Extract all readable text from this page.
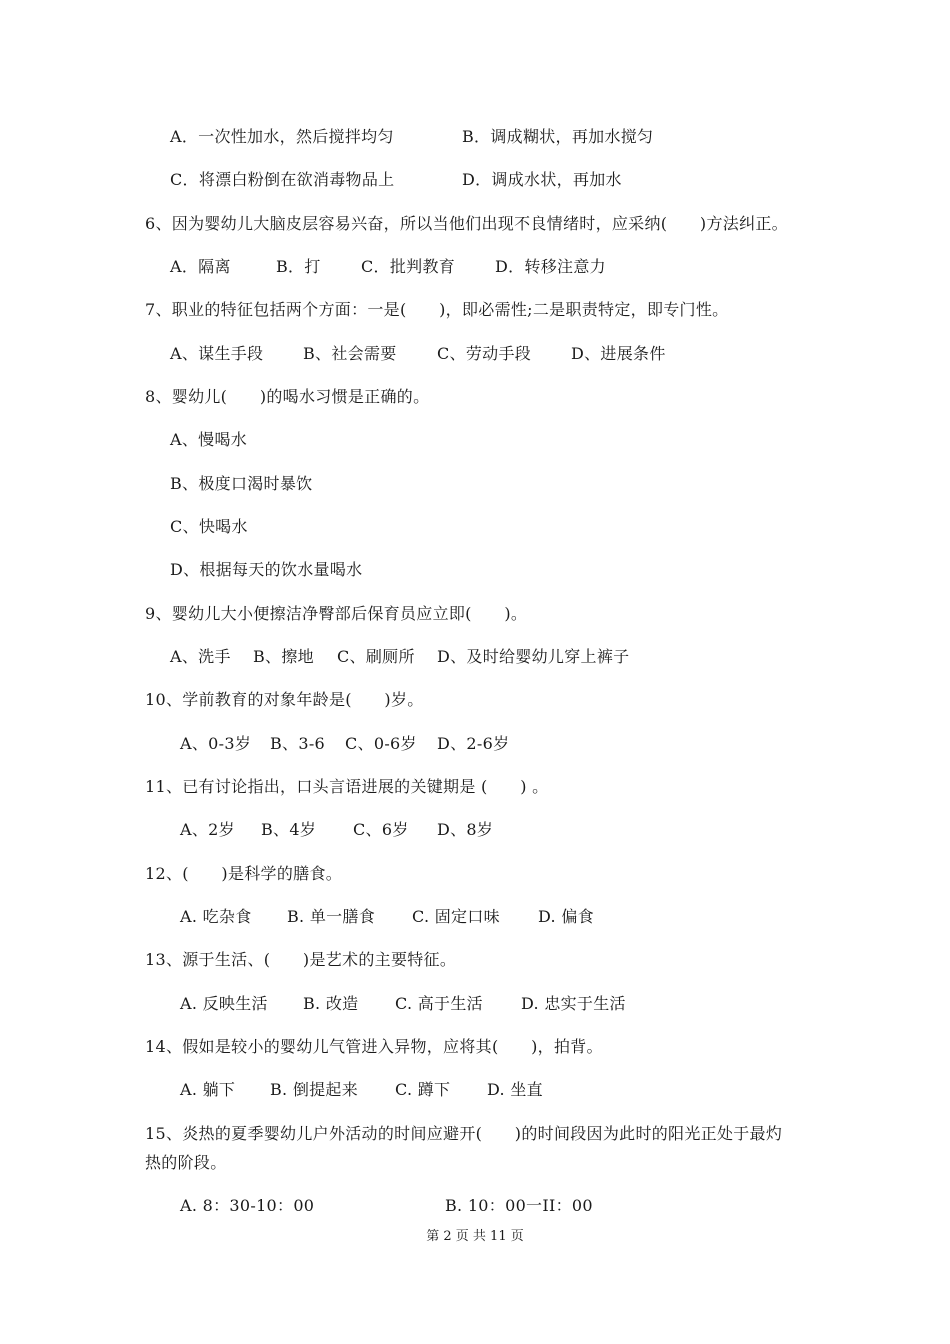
A．一次性加水，然后搅拌均匀	B．调成糊状，再加水搅匀
C．将漂白粉倒在欲消毒物品上	D．调成水状，再加水
6、因为婴幼儿大脑皮层容易兴奋，所以当他们出现不良情绪时，应采纳(　　)方法纠正。
A．隔离	B．打	C．批判教育 D．转移注意力
7、职业的特征包括两个方面：一是(　　)，即必需性;二是职责特定，即专门性。
A、谋生手段 B、社会需要	C、劳动手段 D、进展条件
8、婴幼儿(　　)的喝水习惯是正确的。
A、慢喝水
B、极度口渴时暴饮
C、快喝水
D、根据每天的饮水量喝水
9、婴幼儿大小便擦洁净臀部后保育员应立即(　　)。
A、洗手 B、擦地 C、刷厕所 D、及时给婴幼儿穿上裤子
10、学前教育的对象年龄是(　　)岁。
A、0-3岁 B、3-6 C、0-6岁 D、2-6岁
11、已有讨论指出，口头言语进展的关键期是 (　　) 。
A、2岁 B、4岁 C、6岁 D、8岁
12、(　　)是科学的膳食。
A. 吃杂食 B. 单一膳食 C. 固定口味 D. 偏食
13、源于生活、(　　)是艺术的主要特征。
A. 反映生活 B. 改造 C. 高于生活 D. 忠实于生活
14、假如是较小的婴幼儿气管进入异物，应将其(　　)，拍背。
A. 躺下 B. 倒提起来 C. 蹲下 D. 坐直
15、炎热的夏季婴幼儿户外活动的时间应避开(　　)的时间段因为此时的阳光正处于最灼
热的阶段。
A. 8：30-10：00	B. 10：00一II：00
第 2 页 共 11 页
